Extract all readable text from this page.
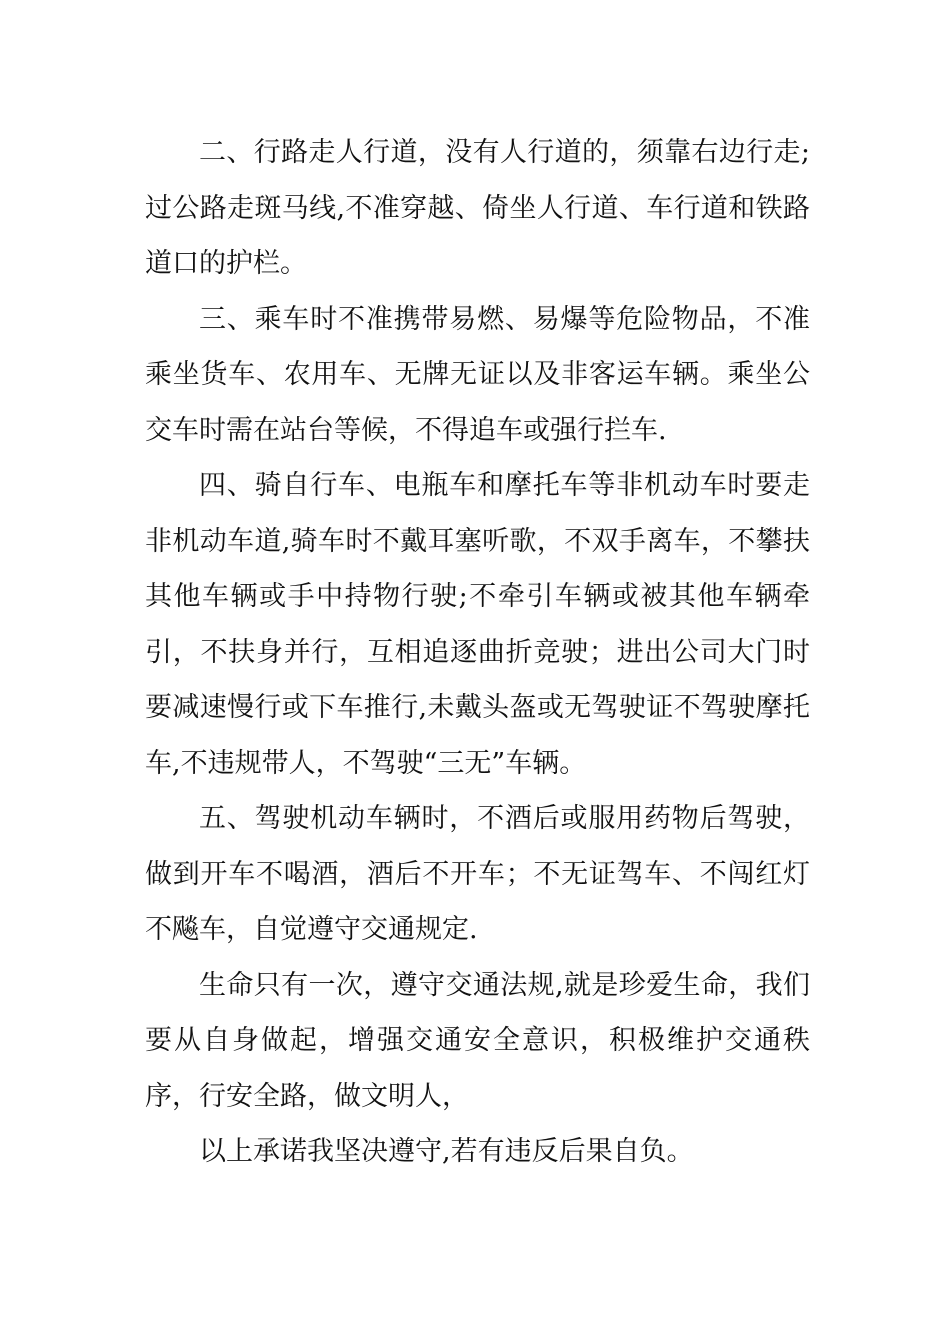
二、行路走人行道，没有人行道的，须靠右边行走;过公路走斑马线,不准穿越、倚坐人行道、车行道和铁路道口的护栏。

三、乘车时不准携带易燃、易爆等危险物品，不准乘坐货车、农用车、无牌无证以及非客运车辆。乘坐公交车时需在站台等候，不得追车或强行拦车.

四、骑自行车、电瓶车和摩托车等非机动车时要走非机动车道,骑车时不戴耳塞听歌，不双手离车，不攀扶其他车辆或手中持物行驶;不牵引车辆或被其他车辆牵引，不扶身并行，互相追逐曲折竞驶；进出公司大门时要减速慢行或下车推行,未戴头盔或无驾驶证不驾驶摩托车,不违规带人，不驾驶“三无”车辆。

五、驾驶机动车辆时，不酒后或服用药物后驾驶，做到开车不喝酒，酒后不开车；不无证驾车、不闯红灯不飚车，自觉遵守交通规定.

生命只有一次，遵守交通法规,就是珍爱生命，我们要从自身做起，增强交通安全意识，积极维护交通秩序，行安全路，做文明人，

以上承诺我坚决遵守,若有违反后果自负。
